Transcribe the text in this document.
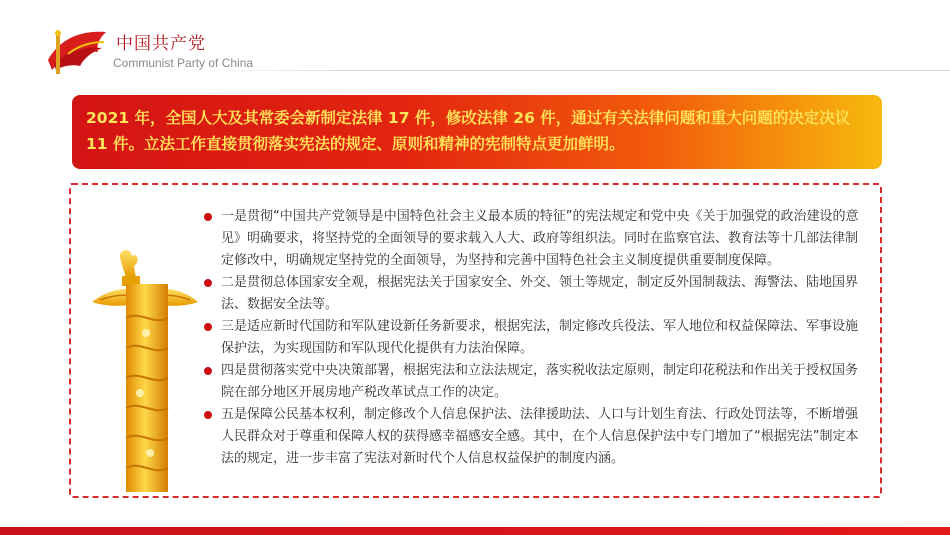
中国共产党
Communist Party of China
2021 年，全国人大及其常委会新制定法律 17 件，修改法律 26 件，通过有关法律问题和重大问题的决定决议 11 件。立法工作直接贯彻落实宪法的规定、原则和精神的宪制特点更加鲜明。
一是贯彻“中国共产党领导是中国特色社会主义最本质的特征”的宪法规定和党中央《关于加强党的政治建设的意见》明确要求，将坚持党的全面领导的要求载入人大、政府等组织法。同时在监察官法、教育法等十几部法律制定修改中，明确规定坚持党的全面领导，为坚持和完善中国特色社会主义制度提供重要制度保障。
二是贯彻总体国家安全观，根据宪法关于国家安全、外交、领土等规定，制定反外国制裁法、海警法、陆地国界法、数据安全法等。
三是适应新时代国防和军队建设新任务新要求，根据宪法，制定修改兵役法、军人地位和权益保障法、军事设施保护法，为实现国防和军队现代化提供有力法治保障。
四是贯彻落实党中央决策部署，根据宪法和立法法规定，落实税收法定原则，制定印花税法和作出关于授权国务院在部分地区开展房地产税改革试点工作的决定。
五是保障公民基本权利，制定修改个人信息保护法、法律援助法、人口与计划生育法、行政处罚法等，不断增强人民群众对于尊重和保障人权的获得感幸福感安全感。其中，在个人信息保护法中专门增加了“根据宪法”制定本法的规定，进一步丰富了宪法对新时代个人信息权益保护的制度内涵。
